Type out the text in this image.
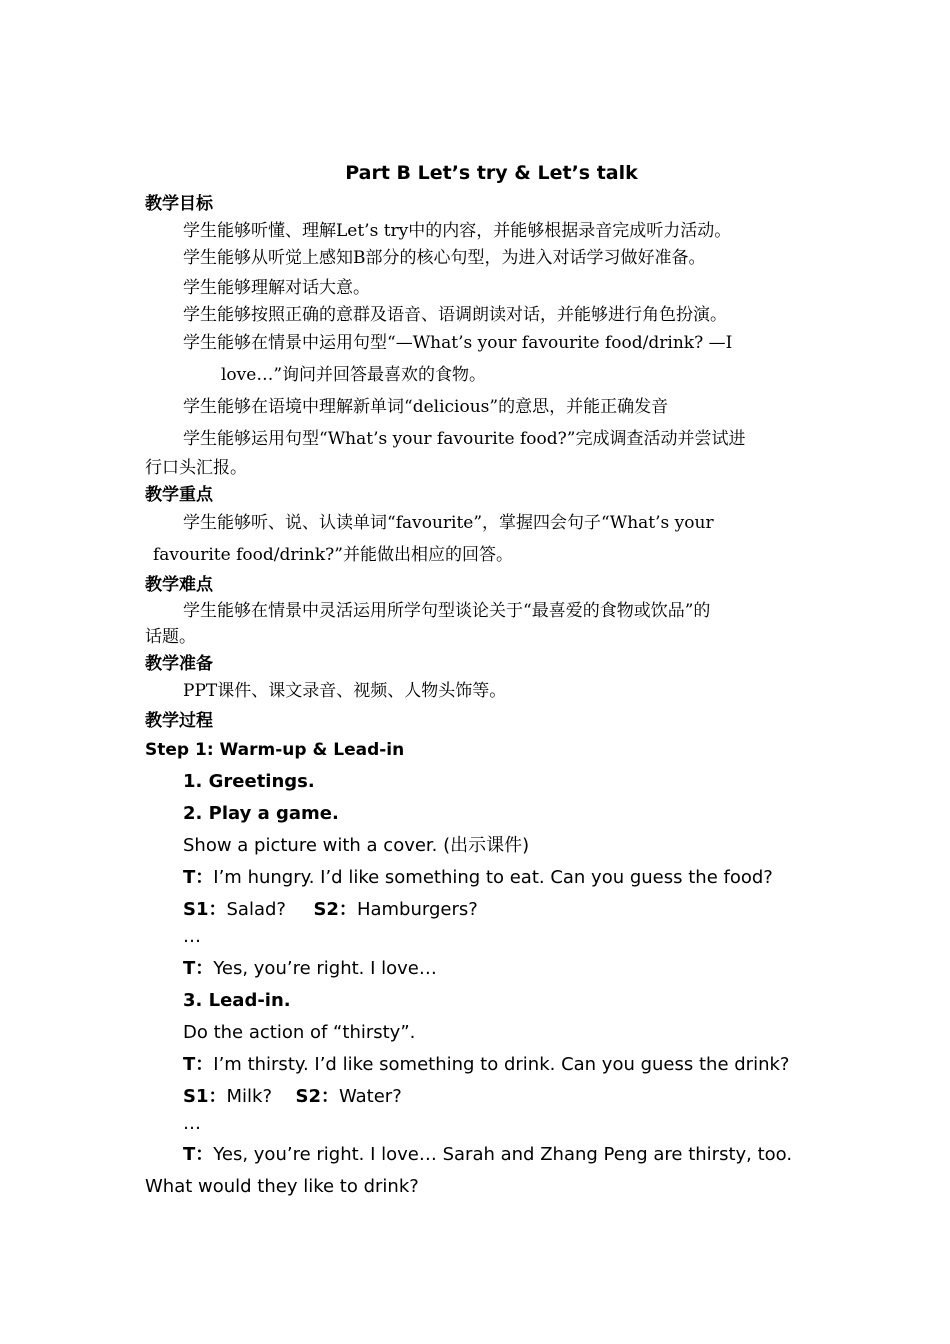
Part B Let’s try & Let’s talk
教学目标
学生能够听懂、理解Let’s try中的内容，并能够根据录音完成听力活动。
学生能够从听觉上感知B部分的核心句型，为进入对话学习做好准备。
学生能够理解对话大意。
学生能够按照正确的意群及语音、语调朗读对话，并能够进行角色扮演。
学生能够在情景中运用句型“—What’s your favourite food/drink? —I
love…”询问并回答最喜欢的食物。
学生能够在语境中理解新单词“delicious”的意思，并能正确发音
学生能够运用句型“What’s your favourite food?”完成调查活动并尝试进
行口头汇报。
教学重点
学生能够听、说、认读单词“favourite”，掌握四会句子“What’s your
favourite food/drink?”并能做出相应的回答。
教学难点
学生能够在情景中灵活运用所学句型谈论关于“最喜爱的食物或饮品”的
话题。
教学准备
PPT课件、课文录音、视频、人物头饰等。
教学过程
Step 1: Warm-up & Lead-in
1. Greetings.
2. Play a game.
Show a picture with a cover. (出示课件)
T：I’m hungry. I’d like something to eat. Can you guess the food?
S1：Salad? S2：Hamburgers?
…
T：Yes, you’re right. I love…
3. Lead-in.
Do the action of “thirsty”.
T：I’m thirsty. I’d like something to drink. Can you guess the drink?
S1：Milk? S2：Water?
…
T：Yes, you’re right. I love… Sarah and Zhang Peng are thirsty, too.
What would they like to drink?
